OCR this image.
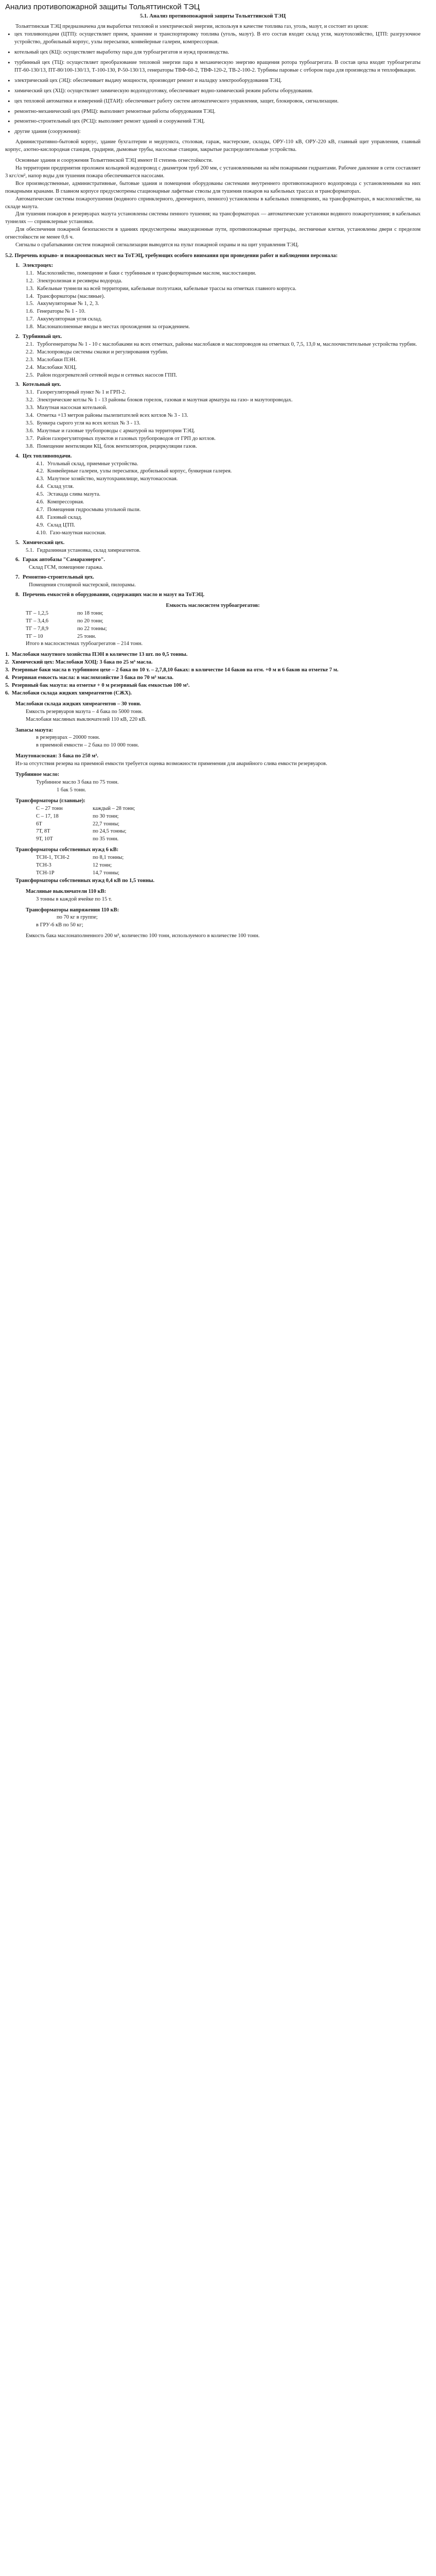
Анализ противопожарной защиты Тольяттинской ТЭЦ

5.1. Анализ противопожарной защиты Тольяттинской ТЭЦ

Тольяттинская ТЭЦ предназначена для выработки тепловой и электрической энергии, используя в качестве топлива газ, уголь, мазут, и состоит из цехов:

• цех топливоподачи (ЦТП): осуществляет прием, хранение и транспортировку топлива (уголь, мазут). В его состав входят склад угля, мазутохозяйство, ЦТП: разгрузочное устройство, дробильный корпус, узлы пересыпки, конвейерные галереи, компрессорная.
• котельный цех (КЦ): осуществляет выработку пара для турбоагрегатов и нужд производства.
• турбинный цех (ТЦ): осуществляет преобразование тепловой энергии пара в механическую энергию вращения ротора турбоагрегата. В состав цеха входят турбоагрегаты ПТ-60-130/13, ПТ-80/100-130/13, Т-100-130, Р-50-130/13, генераторы ТВФ-60-2, ТВФ-120-2, ТВ-2-100-2. Турбины паровые с отбором пара для производства и теплофикации.
• электрический цех (ЭЦ): обеспечивает выдачу мощности, производит ремонт и наладку электрооборудования ТЭЦ.
• химический цех (ХЦ): осуществляет химическую водоподготовку, обеспечивает водно-химический режим работы оборудования.
• цех тепловой автоматики и измерений (ЦТАИ): обеспечивает работу систем автоматического управления, защит, блокировок, сигнализации.
• ремонтно-механический цех (РМЦ): выполняет ремонтные работы оборудования ТЭЦ.
• ремонтно-строительный цех (РСЦ): выполняет ремонт зданий и сооружений ТЭЦ.
• другие здания (сооружения):

Административно-бытовой корпус, здание бухгалтерии и медпункта, столовая, гараж, мастерские, склады, ОРУ-110 кВ, ОРУ-220 кВ, главный щит управления, главный корпус, азотно-кислородная станция, градирни, дымовые трубы, насосные станции, закрытые распределительные устройства.

Основные здания и сооружения Тольяттинской ТЭЦ имеют II степень огнестойкости.

На территории предприятия проложен кольцевой водопровод с диаметром труб 200 мм, с установленными на нём пожарными гидрантами. Рабочее давление в сети составляет 3 кгс/см², напор воды для тушения пожара обеспечивается насосами.

Все производственные, административные, бытовые здания и помещения оборудованы системами внутреннего противопожарного водопровода с установленными на них пожарными кранами. В главном корпусе предусмотрены стационарные лафетные стволы для тушения пожаров на кабельных трассах и трансформаторах.

Автоматические системы пожаротушения (водяного спринклерного, дренчерного, пенного) установлены в кабельных помещениях, на трансформаторах, в маслохозяйстве, на складе мазута.

Для тушения пожаров в резервуарах мазута установлены системы пенного тушения; на трансформаторах — автоматические установки водяного пожаротушения; в кабельных туннелях — спринклерные установки.

Для обеспечения пожарной безопасности в зданиях предусмотрены эвакуационные пути, противопожарные преграды, лестничные клетки, установлены двери с пределом огнестойкости не менее 0,6 ч.

Сигналы о срабатывании систем пожарной сигнализации выводятся на пульт пожарной охраны и на щит управления ТЭЦ.

5.2. Перечень взрыво- и пожароопасных мест на ТоТЭЦ, требующих особого внимания при проведении работ и наблюдении персонала:

1. Электроцех:

1.1. Маслохозяйство, помещение и баки с турбинным и трансформаторным маслом, маслостанции.

1.2. Электролизная и ресиверы водорода.

1.3. Кабельные туннели на всей территории, кабельные полуэтажи, кабельные трассы на отметках главного корпуса.

1.4. Трансформаторы (масляные).

1.5. Аккумуляторные № 1, 2, 3.

1.6. Генераторы № 1 - 10.

1.7. Аккумуляторная угля склад.

1.8. Маслонаполненные вводы в местах прохождения за ограждением.

2. Турбинный цех.

2.1. Турбогенераторы № 1 - 10 с маслобаками на всех отметках, районы маслобаков и маслопроводов на отметках 0, 7,5, 13,0 м, маслоочистительные устройства турбин.

2.2. Маслопроводы системы смазки и регулирования турбин.

2.3. Маслобаки ПЭН.

2.4. Маслобаки ХОЦ.

2.5. Район подогревателей сетевой воды и сетевых насосов ГПП.

3. Котельный цех.

3.1. Газорегуляторный пункт № 1 и ГРП-2.

3.2. Электрические котлы № 1 - 13 районы блоков горелок, газовая и мазутная арматура на газо- и мазутопроводах.

3.3. Мазутная насосная котельной.

3.4. Отметка +13 метров районы пылепитателей всех котлов № 3 - 13.

3.5. Бункера сырого угля на всех котлах № 3 - 13.

3.6. Мазутные и газовые трубопроводы с арматурой на территории ТЭЦ.

3.7. Район газорегуляторных пунктов и газовых трубопроводов от ГРП до котлов.

3.8. Помещение вентиляции КЦ, блок вентиляторов, рециркуляции газов.

4. Цех топливоподачи.

4.1. Угольный склад, приемные устройства.

4.2. Конвейерные галереи, узлы пересыпки, дробильный корпус, бункерная галерея.

4.3. Мазутное хозяйство, мазутохранилище, мазутонасосная.

4.4. Склад угля.

4.5. Эстакада слива мазута.

4.6. Компрессорная.

4.7. Помещения гидросмыва угольной пыли.

4.8. Газовый склад.

4.9. Склад ЦТП.

4.10. Газо-мазутная насосная.

5. Химический цех.

5.1. Гидразинная установка, склад химреагентов.

6. Гараж автобазы "Самараэнерго".

Склад ГСМ, помещение гаража.

7. Ремонтно-строительный цех.

Помещения столярной мастерской, пилорамы.

8. Перечень емкостей в оборудовании, содержащих масло и мазут на ТоТЭЦ.

Емкость маслосистем турбоагрегатов:

ТГ – 1,2,5	по 18 тонн;

ТГ – 3,4,6	по 20 тонн;

ТГ – 7,8,9	по 22 тонны;

ТГ – 10	25 тонн.

Итого в маслосистемах турбоагрегатов – 214 тонн.

1. Маслобаки мазутного хозяйства ПЭН в количестве 13 шт. по 0,5 тонны.

2. Химический цех: Маслобаки ХОЦ: 3 бака по 25 м³ масла.

3. Резервные баки масла в турбинном цехе – 2 бака по 10 т. – 2,7,8,10 баках: в количестве 14 баков на отм. +0 м и 6 баков на отметке 7 м.

4. Резервная емкость масла: в маслохозяйстве 3 бака по 70 м³ масла.

5. Резервный бак мазута: на отметке + 0 м резервный бак емкостью 100 м³.

6. Маслобаки склада жидких химреагентов (СЖХ).

Маслобаки склада жидких химреагентов – 30 тонн.

Емкость резервуаров мазута – 4 бака по 5000 тонн.

Маслобаки масляных выключателей 110 кВ, 220 кВ.

Запасы мазута:

в резервуарах – 20000 тонн.

в приемной емкости – 2 бака по 10 000 тонн.

Мазутонасосная: 3 бака по 250 м³.

Из-за отсутствия резерва на приемной емкости требуется оценка возможности применения для аварийного слива емкости резервуаров.

Турбинное масло:

Турбинное масло 3 бака по 75 тонн.

1 бак 5 тонн.

Трансформаторы (главные):

С – 27 тонн	каждый – 28 тонн;

С – 17, 18	по 30 тонн;

6Т	22,7 тонны;

7Т, 8Т	по 24,5 тонны;

9Т, 10Т	по 35 тонн.

Трансформаторы собственных нужд 6 кВ:

ТСН-1, ТСН-2	по 8,1 тонны;

ТСН-3	12 тонн;

ТСН-1Р	14,7 тонны;

Трансформаторы собственных нужд 0,4 кВ по 1,5 тонны.

Масляные выключатели 110 кВ:

3 тонны в каждой ячейке по 15 т.

Трансформаторы напряжения 110 кВ:

по 70 кг в группе;

в ГРУ-6 кВ по 50 кг;

Емкость бака маслонаполненного 200 м³, количество 100 тонн, используемого в количестве 100 тонн.
